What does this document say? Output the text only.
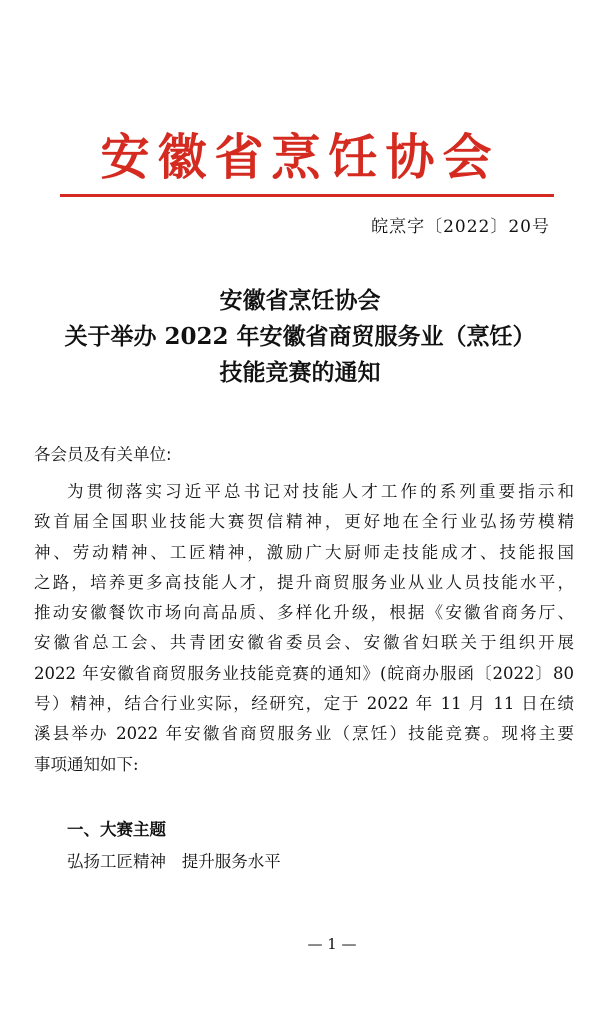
安徽省烹饪协会
皖烹字〔2022〕20号
安徽省烹饪协会
关于举办 2022 年安徽省商贸服务业（烹饪）
技能竞赛的通知
各会员及有关单位:
为贯彻落实习近平总书记对技能人才工作的系列重要指示和
致首届全国职业技能大赛贺信精神，更好地在全行业弘扬劳模精
神、劳动精神、工匠精神，激励广大厨师走技能成才、技能报国
之路，培养更多高技能人才，提升商贸服务业从业人员技能水平，
推动安徽餐饮市场向高品质、多样化升级，根据《安徽省商务厅、
安徽省总工会、共青团安徽省委员会、安徽省妇联关于组织开展
2022 年安徽省商贸服务业技能竞赛的通知》(皖商办服函〔2022〕80
号）精神，结合行业实际，经研究，定于 2022 年 11 月 11 日在绩
溪县举办 2022 年安徽省商贸服务业（烹饪）技能竞赛。现将主要
事项通知如下:
一、大赛主题
弘扬工匠精神   提升服务水平
— 1 —
